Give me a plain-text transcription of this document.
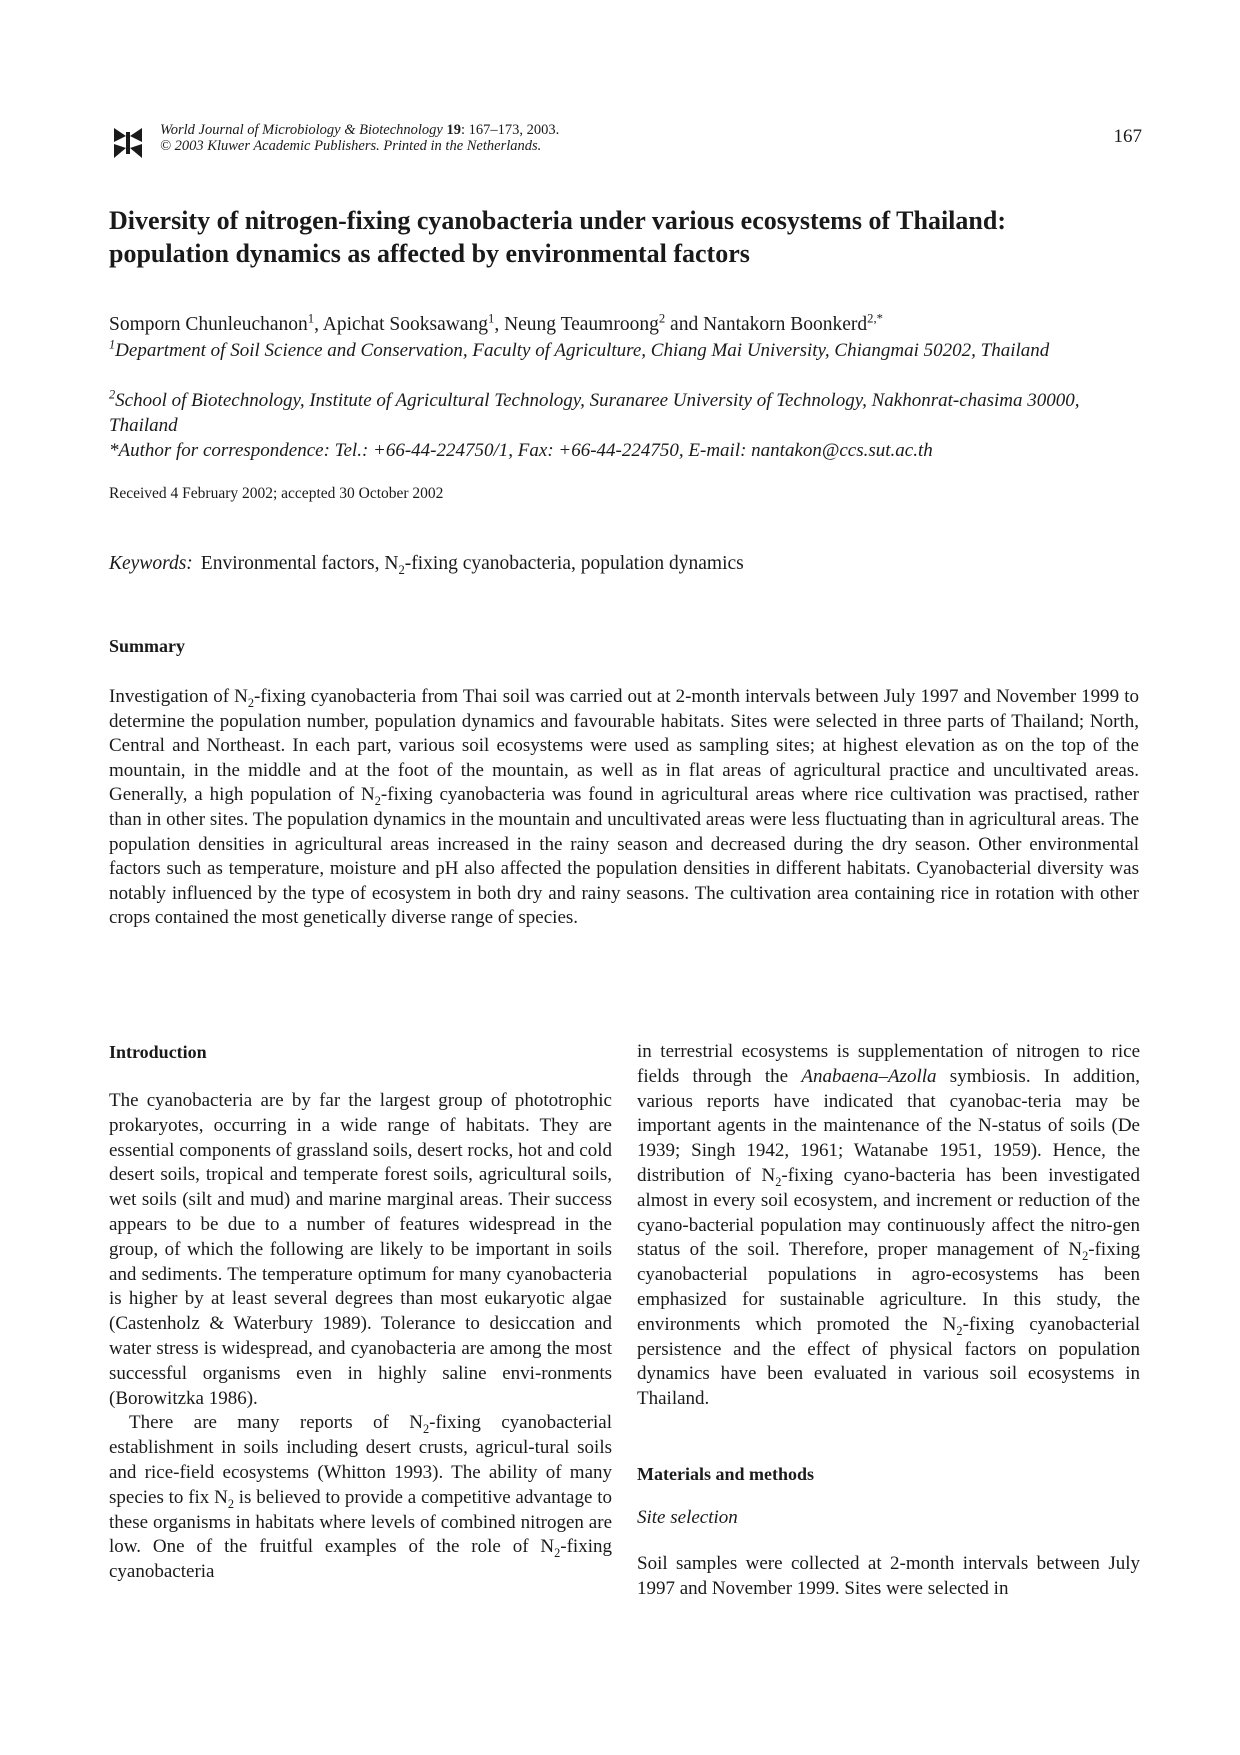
World Journal of Microbiology & Biotechnology 19: 167–173, 2003.
© 2003 Kluwer Academic Publishers. Printed in the Netherlands.	167
Diversity of nitrogen-fixing cyanobacteria under various ecosystems of Thailand:
population dynamics as affected by environmental factors
Somporn Chunleuchanon$^1$, Apichat Sooksawang$^1$, Neung Teaumroong$^2$ and Nantakorn Boonkerd$^{2,*}$

$^1$Department of Soil Science and Conservation, Faculty of Agriculture, Chiang Mai University, Chiangmai 50202, Thailand

$^2$School of Biotechnology, Institute of Agricultural Technology, Suranaree University of Technology, Nakhonrat-chasima 30000, Thailand

*Author for correspondence: Tel.: +66-44-224750/1, Fax: +66-44-224750, E-mail: nantakon@ccs.sut.ac.th

Received 4 February 2002; accepted 30 October 2002
Keywords: Environmental factors, $N_2$-fixing cyanobacteria, population dynamics
Summary

Investigation of $N_2$-fixing cyanobacteria from Thai soil was carried out at 2-month intervals between July 1997 and November 1999 to determine the population number, population dynamics and favourable habitats. Sites were selected in three parts of Thailand; North, Central and Northeast. In each part, various soil ecosystems were used as sampling sites; at highest elevation as on the top of the mountain, in the middle and at the foot of the mountain, as well as in flat areas of agricultural practice and uncultivated areas. Generally, a high population of $N_2$-fixing cyanobacteria was found in agricultural areas where rice cultivation was practised, rather than in other sites. The population dynamics in the mountain and uncultivated areas were less fluctuating than in agricultural areas. The population densities in agricultural areas increased in the rainy season and decreased during the dry season. Other environmental factors such as temperature, moisture and pH also affected the population densities in different habitats. Cyanobacterial diversity was notably influenced by the type of ecosystem in both dry and rainy seasons. The cultivation area containing rice in rotation with other crops contained the most genetically diverse range of species.

Introduction

The cyanobacteria are by far the largest group of phototrophic prokaryotes, occurring in a wide range of habitats. They are essential components of grassland soils, desert rocks, hot and cold desert soils, tropical and temperate forest soils, agricultural soils, wet soils (silt and mud) and marine marginal areas. Their success appears to be due to a number of features widespread in the group, of which the following are likely to be important in soils and sediments. The temperature optimum for many cyanobacteria is higher by at least several degrees than most eukaryotic algae (Castenholz & Waterbury 1989). Tolerance to desiccation and water stress is widespread, and cyanobacteria are among the most successful organisms even in highly saline envi-ronments (Borowitzka 1986).

There are many reports of $N_2$-fixing cyanobacterial establishment in soils including desert crusts, agricul-tural soils and rice-field ecosystems (Whitton 1993). The ability of many species to fix $N_2$ is believed to provide a competitive advantage to these organisms in habitats where levels of combined nitrogen are low. One of the fruitful examples of the role of $N_2$-fixing cyanobacteria

in terrestrial ecosystems is supplementation of nitrogen to rice fields through the Anabaena–Azolla symbiosis. In addition, various reports have indicated that cyanobac-teria may be important agents in the maintenance of the N-status of soils (De 1939; Singh 1942, 1961; Watanabe 1951, 1959). Hence, the distribution of $N_2$-fixing cyano-bacteria has been investigated almost in every soil ecosystem, and increment or reduction of the cyano-bacterial population may continuously affect the nitro-gen status of the soil. Therefore, proper management of $N_2$-fixing cyanobacterial populations in agro-ecosystems has been emphasized for sustainable agriculture. In this study, the environments which promoted the $N_2$-fixing cyanobacterial persistence and the effect of physical factors on population dynamics have been evaluated in various soil ecosystems in Thailand.

Materials and methods

Site selection

Soil samples were collected at 2-month intervals between July 1997 and November 1999. Sites were selected in
